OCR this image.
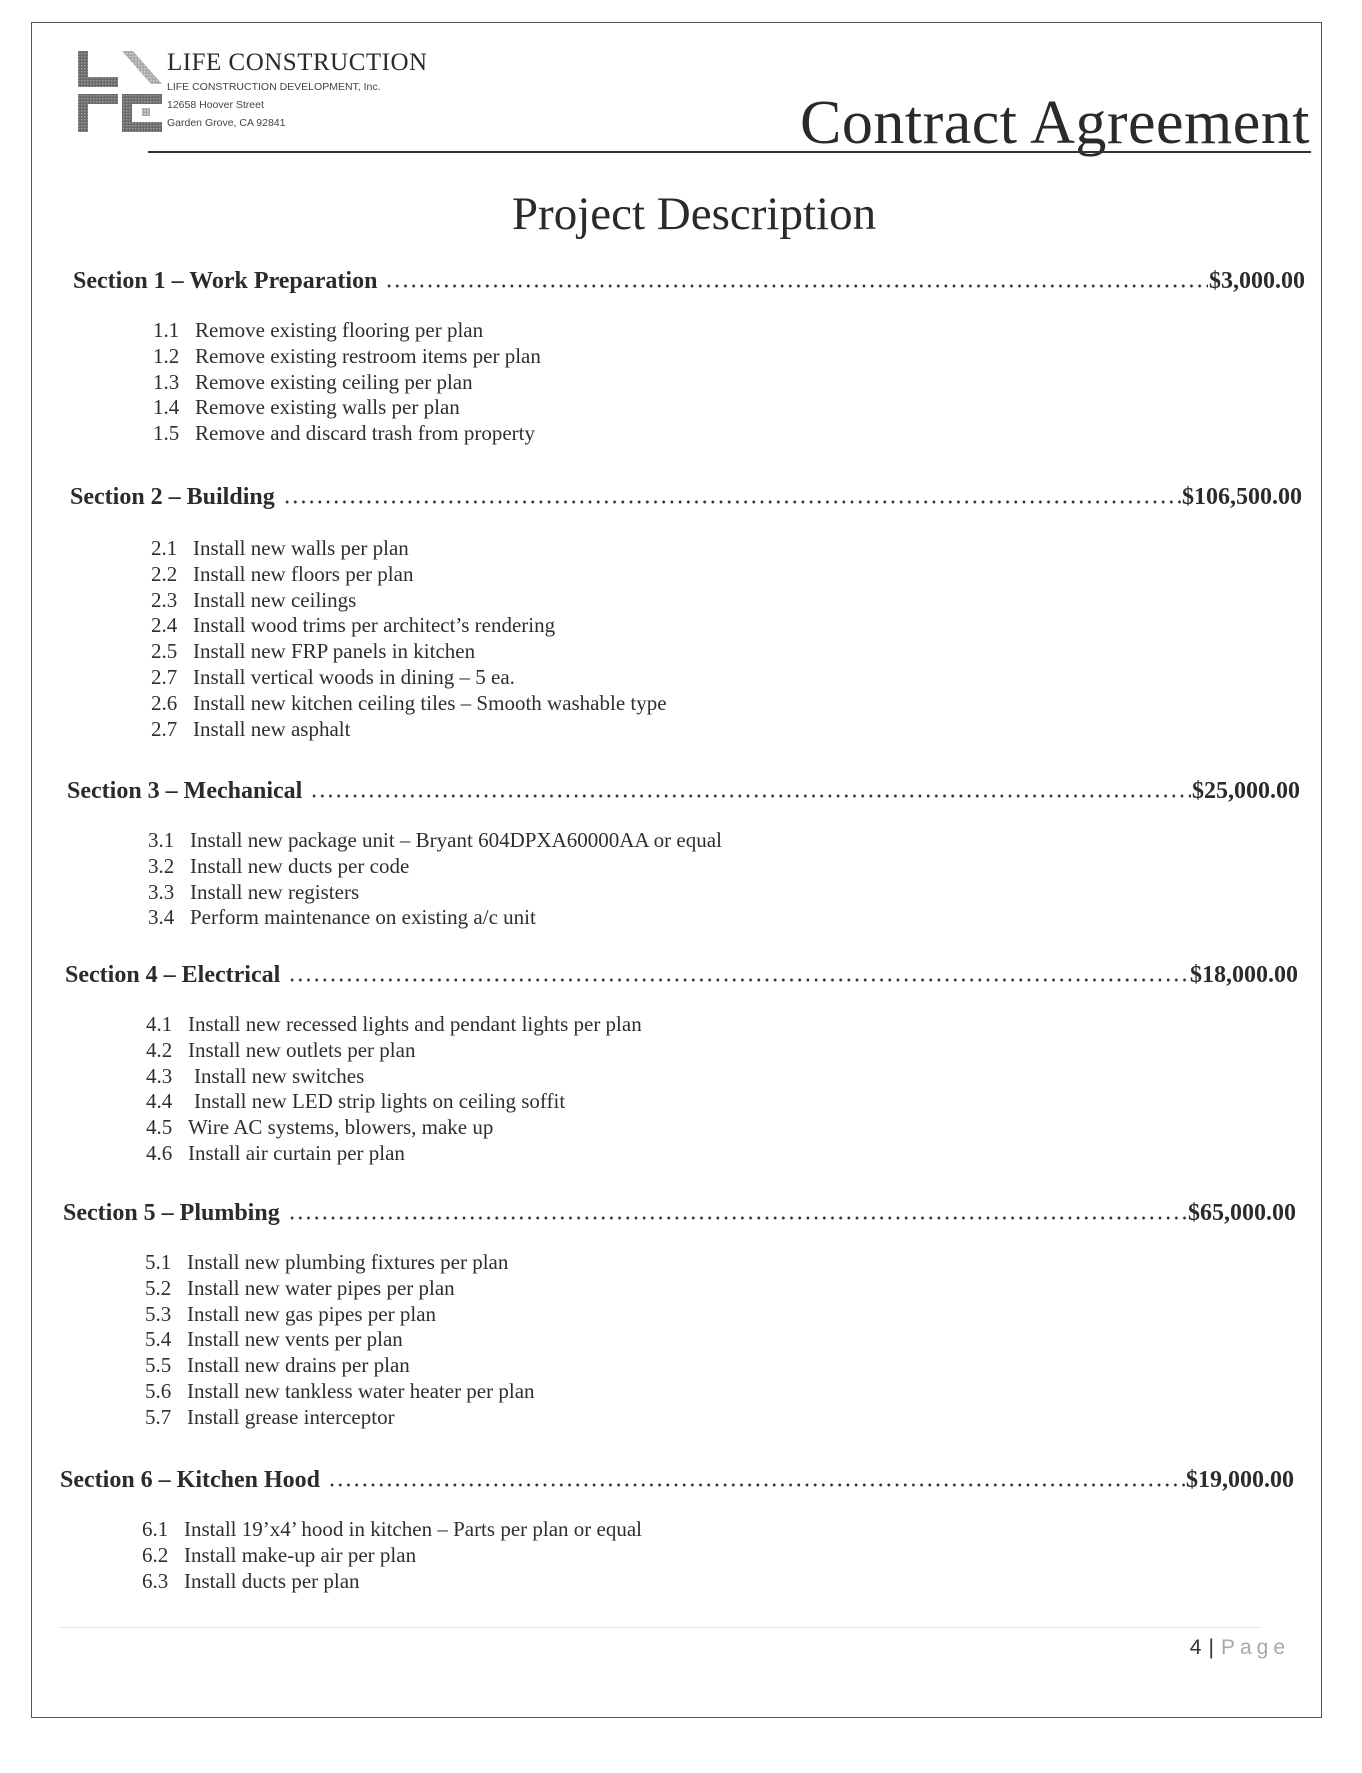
LIFE CONSTRUCTION
LIFE CONSTRUCTION DEVELOPMENT, Inc.
12658 Hoover Street
Garden Grove, CA 92841	Contract Agreement
Project Description
Section 1 – Work Preparation	$3,000.00
1.1 Remove existing flooring per plan
1.2 Remove existing restroom items per plan
1.3 Remove existing ceiling per plan
1.4 Remove existing walls per plan
1.5 Remove and discard trash from property
Section 2 – Building	$106,500.00
2.1 Install new walls per plan
2.2 Install new floors per plan
2.3 Install new ceilings
2.4 Install wood trims per architect’s rendering
2.5 Install new FRP panels in kitchen
2.7 Install vertical woods in dining – 5 ea.
2.6 Install new kitchen ceiling tiles – Smooth washable type
2.7 Install new asphalt
Section 3 – Mechanical	$25,000.00
3.1 Install new package unit – Bryant 604DPXA60000AA or equal
3.2 Install new ducts per code
3.3 Install new registers
3.4 Perform maintenance on existing a/c unit
Section 4 – Electrical	$18,000.00
4.1 Install new recessed lights and pendant lights per plan
4.2 Install new outlets per plan
4.3 Install new switches
4.4 Install new LED strip lights on ceiling soffit
4.5 Wire AC systems, blowers, make up
4.6 Install air curtain per plan
Section 5 – Plumbing	$65,000.00
5.1 Install new plumbing fixtures per plan
5.2 Install new water pipes per plan
5.3 Install new gas pipes per plan
5.4 Install new vents per plan
5.5 Install new drains per plan
5.6 Install new tankless water heater per plan
5.7 Install grease interceptor
Section 6 – Kitchen Hood	$19,000.00
6.1 Install 19’x4’ hood in kitchen – Parts per plan or equal
6.2 Install make-up air per plan
6.3 Install ducts per plan
4 | Page
